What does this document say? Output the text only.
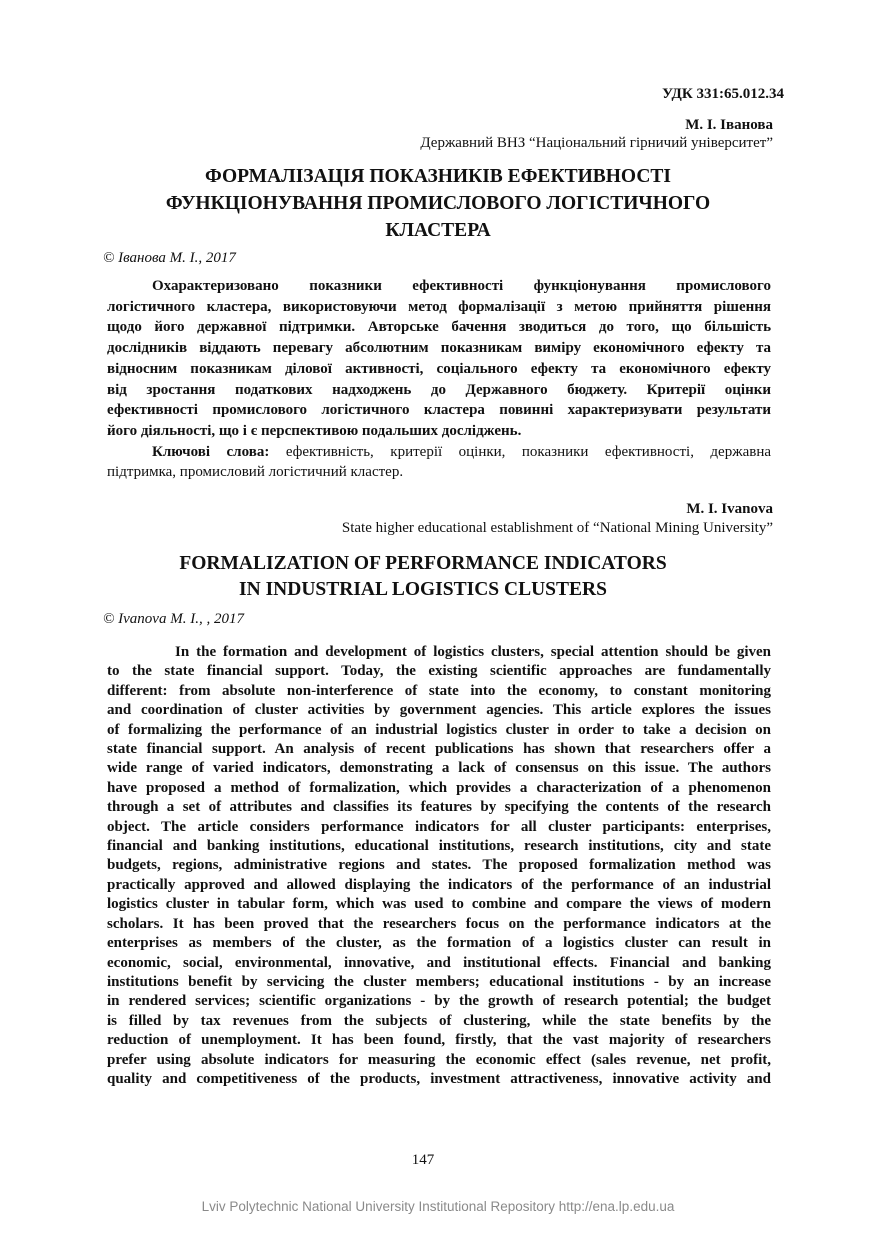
УДК 331:65.012.34
М. І. Іванова
Державний ВНЗ “Національний гірничий університет”
ФОРМАЛІЗАЦІЯ ПОКАЗНИКІВ ЕФЕКТИВНОСТІ
ФУНКЦІОНУВАННЯ ПРОМИСЛОВОГО ЛОГІСТИЧНОГО
КЛАСТЕРА
© Іванова М. І., 2017
Охарактеризовано показники ефективності функціонування промислового
логістичного кластера, використовуючи метод формалізації з метою прийняття рішення
щодо його державної підтримки. Авторське бачення зводиться до того, що більшість
дослідників віддають перевагу абсолютним показникам виміру економічного ефекту та
відносним показникам ділової активності, соціального ефекту та економічного ефекту
від зростання податкових надходжень до Державного бюджету. Критерії оцінки
ефективності промислового логістичного кластера повинні характеризувати результати
його діяльності, що і є перспективою подальших досліджень.
Ключові слова: ефективність, критерії оцінки, показники ефективності, державна
підтримка, промисловий логістичний кластер.
M. I. Ivanova
State higher educational establishment of “National Mining University”
FORMALIZATION OF PERFORMANCE INDICATORS
IN INDUSTRIAL LOGISTICS CLUSTERS
© Ivanova M. I., , 2017
In the formation and development of logistics clusters, special attention should be given
to the state financial support. Today, the existing scientific approaches are fundamentally
different: from absolute non-interference of state into the economy, to constant monitoring
and coordination of cluster activities by government agencies. This article explores the issues
of formalizing the performance of an industrial logistics cluster in order to take a decision on
state financial support. An analysis of recent publications has shown that researchers offer a
wide range of varied indicators, demonstrating a lack of consensus on this issue. The authors
have proposed a method of formalization, which provides a characterization of a phenomenon
through a set of attributes and classifies its features by specifying the contents of the research
object. The article considers performance indicators for all cluster participants: enterprises,
financial and banking institutions, educational institutions, research institutions, city and state
budgets, regions, administrative regions and states. The proposed formalization method was
practically approved and allowed displaying the indicators of the performance of an industrial
logistics cluster in tabular form, which was used to combine and compare the views of modern
scholars. It has been proved that the researchers focus on the performance indicators at the
enterprises as members of the cluster, as the formation of a logistics cluster can result in
economic, social, environmental, innovative, and institutional effects. Financial and banking
institutions benefit by servicing the cluster members; educational institutions - by an increase
in rendered services; scientific organizations - by the growth of research potential; the budget
is filled by tax revenues from the subjects of clustering, while the state benefits by the
reduction of unemployment. It has been found, firstly, that the vast majority of researchers
prefer using absolute indicators for measuring the economic effect (sales revenue, net profit,
quality and competitiveness of the products, investment attractiveness, innovative activity and
147
Lviv Polytechnic National University Institutional Repository http://ena.lp.edu.ua
